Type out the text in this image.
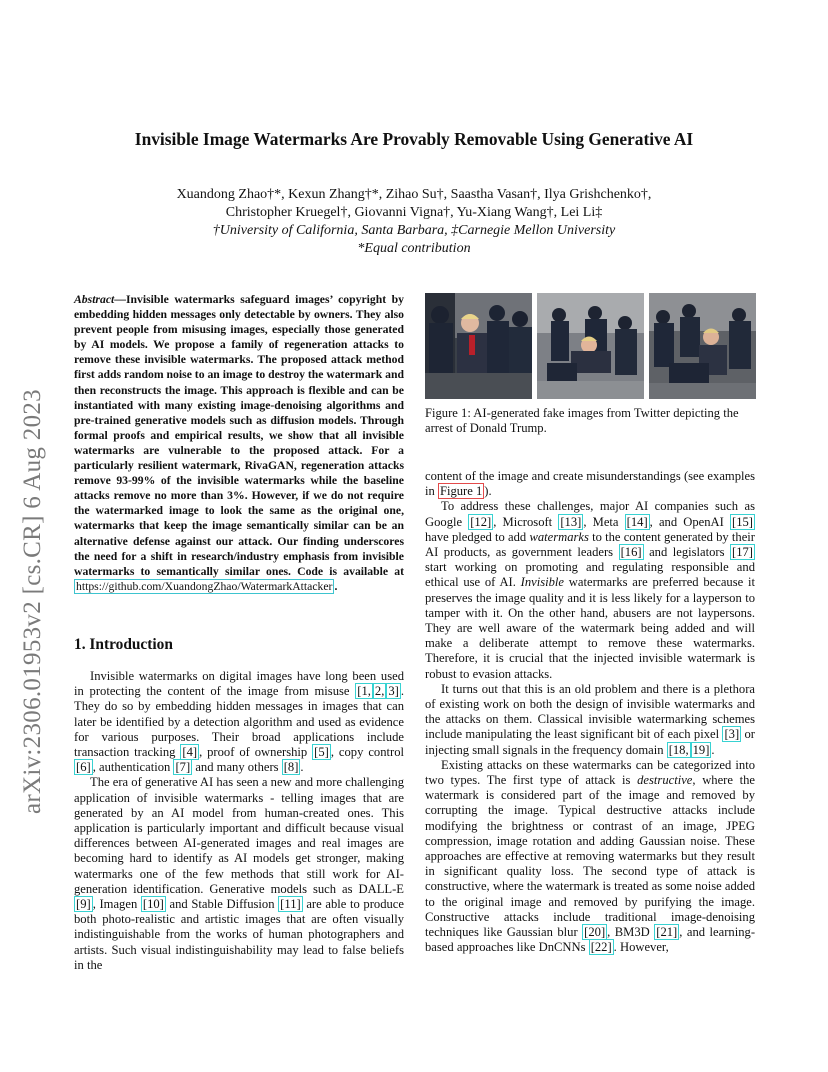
arXiv:2306.01953v2 [cs.CR] 6 Aug 2023
Invisible Image Watermarks Are Provably Removable Using Generative AI
Xuandong Zhao†*, Kexun Zhang†*, Zihao Su†, Saastha Vasan†, Ilya Grishchenko†,
Christopher Kruegel†, Giovanni Vigna†, Yu-Xiang Wang†, Lei Li‡
†University of California, Santa Barbara, ‡Carnegie Mellon University
*Equal contribution
Abstract—Invisible watermarks safeguard images’ copyright by embedding hidden messages only detectable by owners. They also prevent people from misusing images, especially those generated by AI models. We propose a family of regeneration attacks to remove these invisible watermarks. The proposed attack method first adds random noise to an image to destroy the watermark and then reconstructs the image. This approach is flexible and can be instantiated with many existing image-denoising algorithms and pre-trained generative models such as diffusion models. Through formal proofs and empirical results, we show that all invisible watermarks are vulnerable to the proposed attack. For a particularly resilient watermark, RivaGAN, regeneration attacks remove 93-99% of the invisible watermarks while the baseline attacks remove no more than 3%. However, if we do not require the watermarked image to look the same as the original one, watermarks that keep the image semantically similar can be an alternative defense against our attack. Our finding underscores the need for a shift in research/industry emphasis from invisible watermarks to semantically similar ones. Code is available at https://github.com/XuandongZhao/WatermarkAttacker .
1. Introduction

Invisible watermarks on digital images have long been used in protecting the content of the image from misuse [1, 2, 3] . They do so by embedding hidden messages in images that can later be identified by a detection algorithm and used as evidence for various purposes. Their broad applications include transaction tracking [4] , proof of ownership [5] , copy control [6] , authentication [7] and many others [8] .

The era of generative AI has seen a new and more challenging application of invisible watermarks - telling images that are generated by an AI model from human-created ones. This application is particularly important and difficult because visual differences between AI-generated images and real images are becoming hard to identify as AI models get stronger, making watermarks one of the few methods that still work for AI-generation identification. Generative models such as DALL-E [9] , Imagen [10] and Stable Diffusion [11] are able to produce both photo-realistic and artistic images that are often visually indistinguishable from the works of human photographers and artists. Such visual indistinguishability may lead to false beliefs in the

Figure 1: AI-generated fake images from Twitter depicting the arrest of Donald Trump.

content of the image and create misunderstandings (see examples in Figure 1 ).

To address these challenges, major AI companies such as Google [12] , Microsoft [13] , Meta [14] , and OpenAI [15] have pledged to add watermarks to the content generated by their AI products, as government leaders [16] and legislators [17] start working on promoting and regulating responsible and ethical use of AI. Invisible watermarks are preferred because it preserves the image quality and it is less likely for a layperson to tamper with it. On the other hand, abusers are not laypersons. They are well aware of the watermark being added and will make a deliberate attempt to remove these watermarks. Therefore, it is crucial that the injected invisible watermark is robust to evasion attacks.

It turns out that this is an old problem and there is a plethora of existing work on both the design of invisible watermarks and the attacks on them. Classical invisible watermarking schemes include manipulating the least significant bit of each pixel [3] or injecting small signals in the frequency domain [18, 19] .

Existing attacks on these watermarks can be categorized into two types. The first type of attack is destructive, where the watermark is considered part of the image and removed by corrupting the image. Typical destructive attacks include modifying the brightness or contrast of an image, JPEG compression, image rotation and adding Gaussian noise. These approaches are effective at removing watermarks but they result in significant quality loss. The second type of attack is constructive, where the watermark is treated as some noise added to the original image and removed by purifying the image. Constructive attacks include traditional image-denoising techniques like Gaussian blur [20] , BM3D [21] , and learning-based approaches like DnCNNs [22] . However,
